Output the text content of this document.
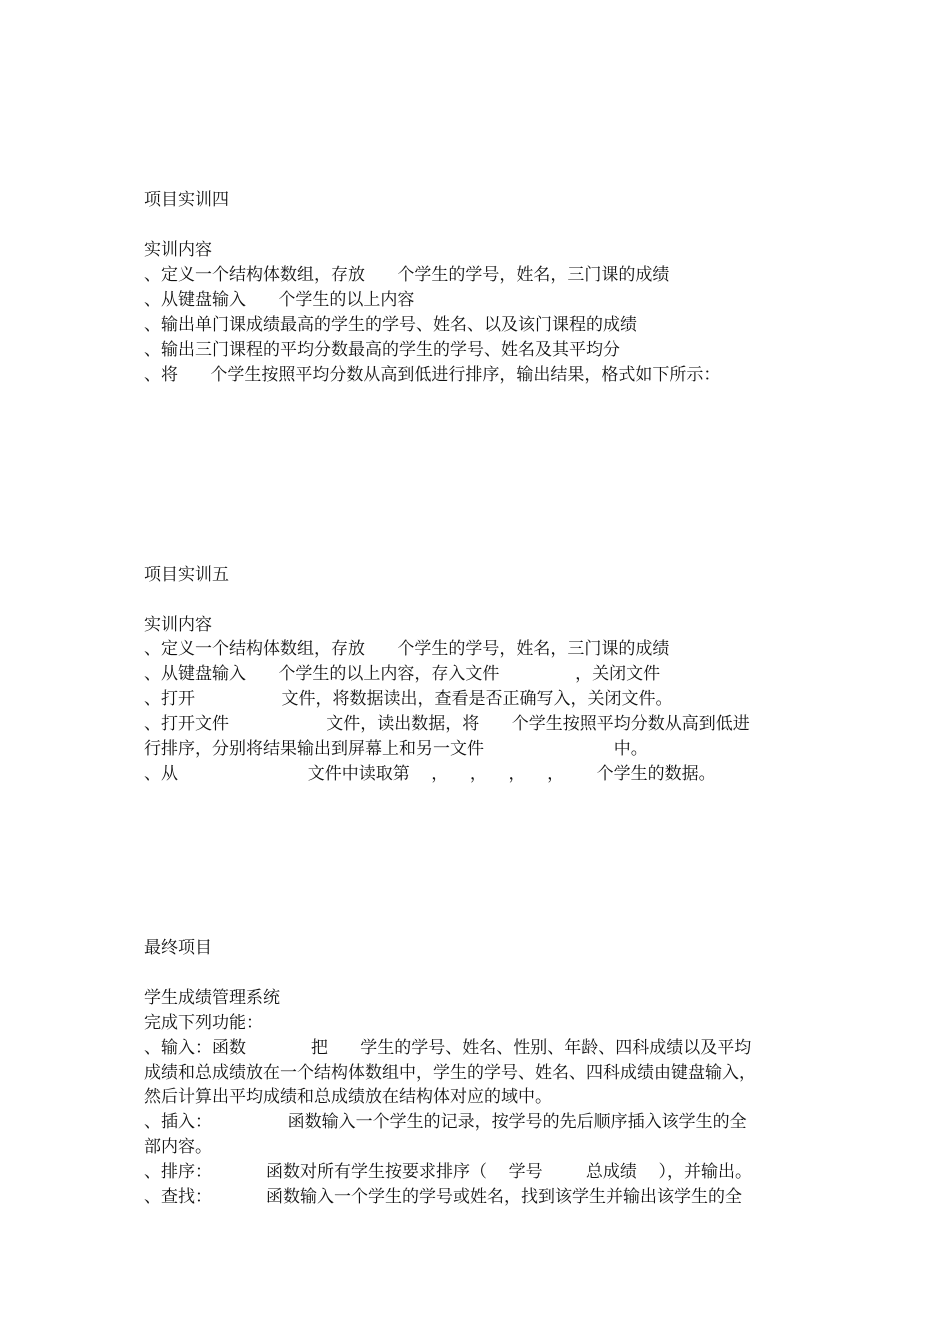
项目实训四
实训内容
、定义一个结构体数组，存放      个学生的学号，姓名，三门课的成绩
、从键盘输入      个学生的以上内容
、输出单门课成绩最高的学生的学号、姓名、以及该门课程的成绩
、输出三门课程的平均分数最高的学生的学号、姓名及其平均分
、将      个学生按照平均分数从高到低进行排序，输出结果，格式如下所示：
项目实训五
实训内容
、定义一个结构体数组，存放      个学生的学号，姓名，三门课的成绩
、从键盘输入      个学生的以上内容，存入文件              ，关闭文件
、打开                文件，将数据读出，查看是否正确写入，关闭文件。
、打开文件                  文件，读出数据，将      个学生按照平均分数从高到低进
行排序，分别将结果输出到屏幕上和另一文件                        中。
、从                        文件中读取第    ，    ，    ，    ，      个学生的数据。
最终项目
学生成绩管理系统
完成下列功能：
、输入：函数            把      学生的学号、姓名、性别、年龄、四科成绩以及平均
成绩和总成绩放在一个结构体数组中，学生的学号、姓名、四科成绩由键盘输入，
然后计算出平均成绩和总成绩放在结构体对应的域中。
、插入：              函数输入一个学生的记录，按学号的先后顺序插入该学生的全
部内容。
、排序：          函数对所有学生按要求排序（    学号        总成绩    ），并输出。
、查找：          函数输入一个学生的学号或姓名，找到该学生并输出该学生的全
